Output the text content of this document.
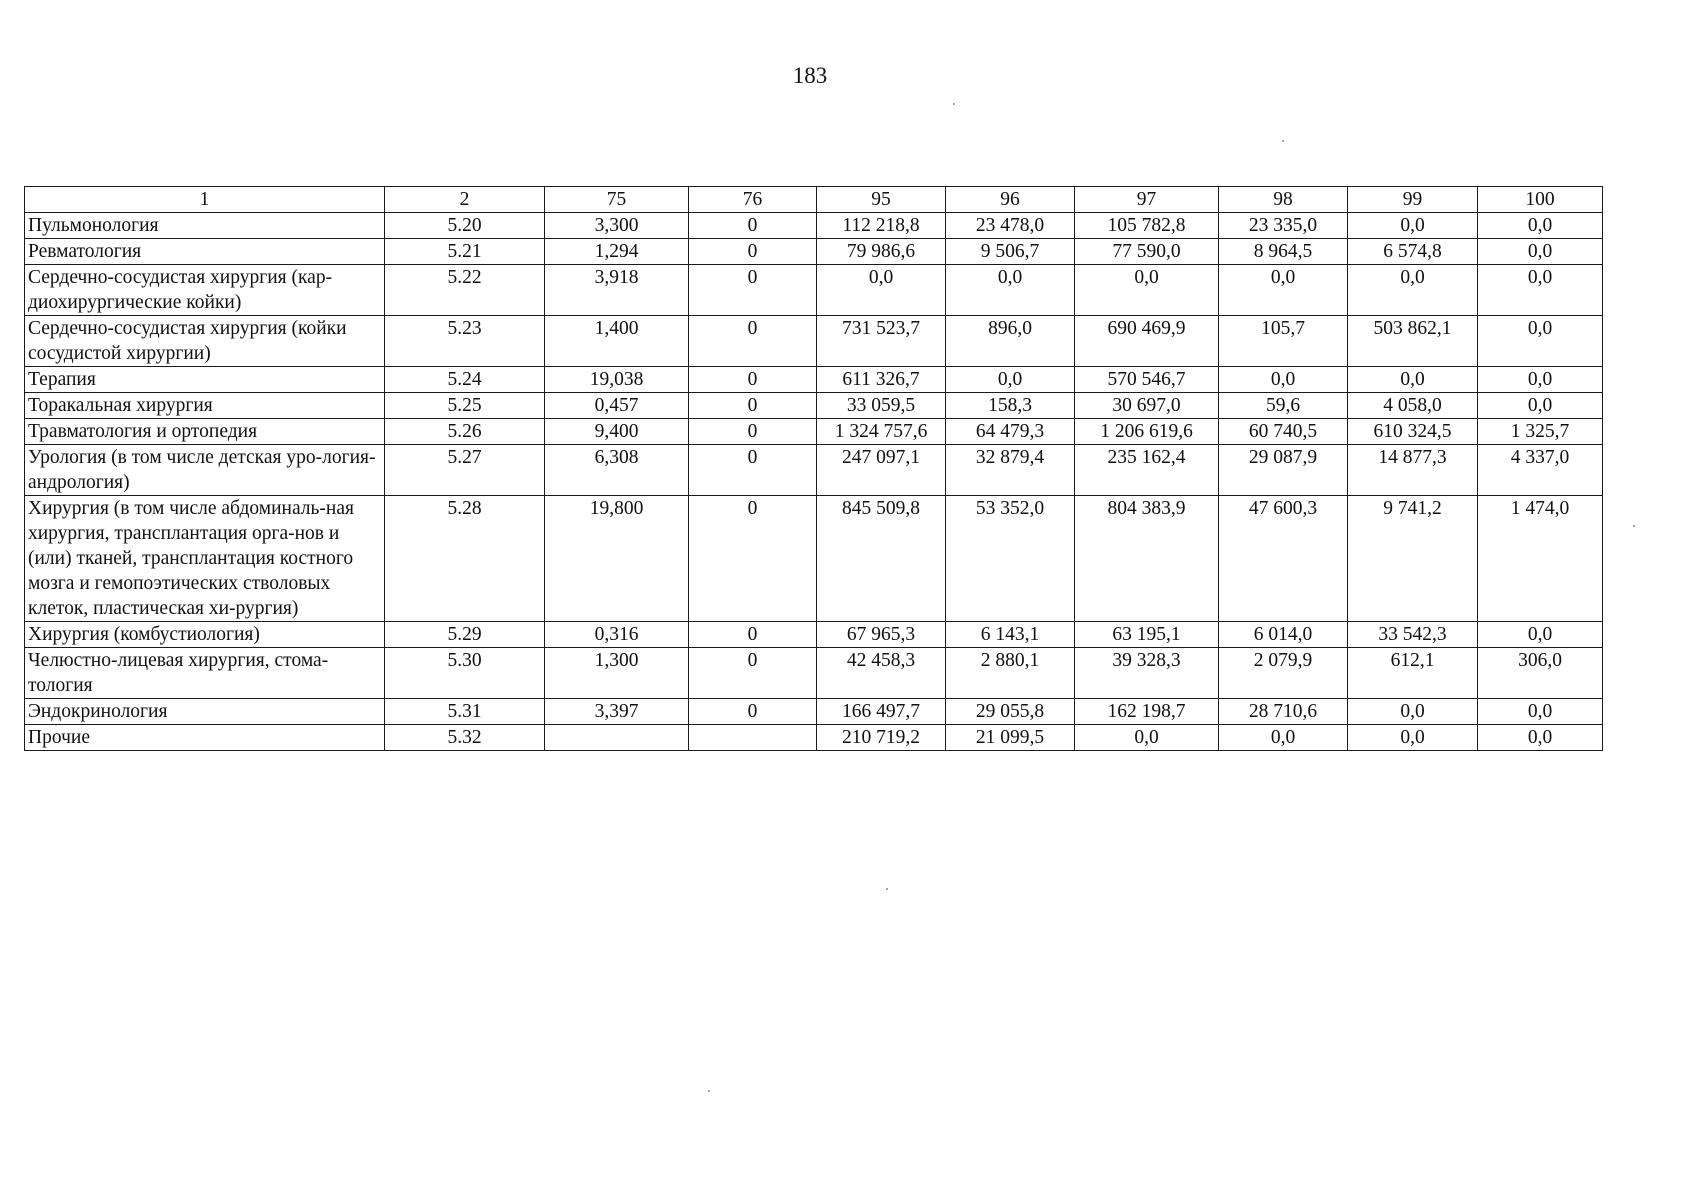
183
1	2	75	76	95	96	97	98	99	100
Пульмонология	5.20	3,300	0	112 218,8	23 478,0	105 782,8	23 335,0	0,0	0,0
Ревматология	5.21	1,294	0	79 986,6	9 506,7	77 590,0	8 964,5	6 574,8	0,0
Сердечно-сосудистая хирургия (кар-диохирургические койки)	5.22	3,918	0	0,0	0,0	0,0	0,0	0,0	0,0
Сердечно-сосудистая хирургия (койки сосудистой хирургии)	5.23	1,400	0	731 523,7	896,0	690 469,9	105,7	503 862,1	0,0
Терапия	5.24	19,038	0	611 326,7	0,0	570 546,7	0,0	0,0	0,0
Торакальная хирургия	5.25	0,457	0	33 059,5	158,3	30 697,0	59,6	4 058,0	0,0
Травматология и ортопедия	5.26	9,400	0	1 324 757,6	64 479,3	1 206 619,6	60 740,5	610 324,5	1 325,7
Урология (в том числе детская уро-логия-андрология)	5.27	6,308	0	247 097,1	32 879,4	235 162,4	29 087,9	14 877,3	4 337,0
Хирургия (в том числе абдоминаль-ная хирургия, трансплантация орга-нов и (или) тканей, трансплантация костного мозга и гемопоэтических стволовых клеток, пластическая хи-рургия)	5.28	19,800	0	845 509,8	53 352,0	804 383,9	47 600,3	9 741,2	1 474,0
Хирургия (комбустиология)	5.29	0,316	0	67 965,3	6 143,1	63 195,1	6 014,0	33 542,3	0,0
Челюстно-лицевая хирургия, стома-тология	5.30	1,300	0	42 458,3	2 880,1	39 328,3	2 079,9	612,1	306,0
Эндокринология	5.31	3,397	0	166 497,7	29 055,8	162 198,7	28 710,6	0,0	0,0
Прочие	5.32			210 719,2	21 099,5	0,0	0,0	0,0	0,0
